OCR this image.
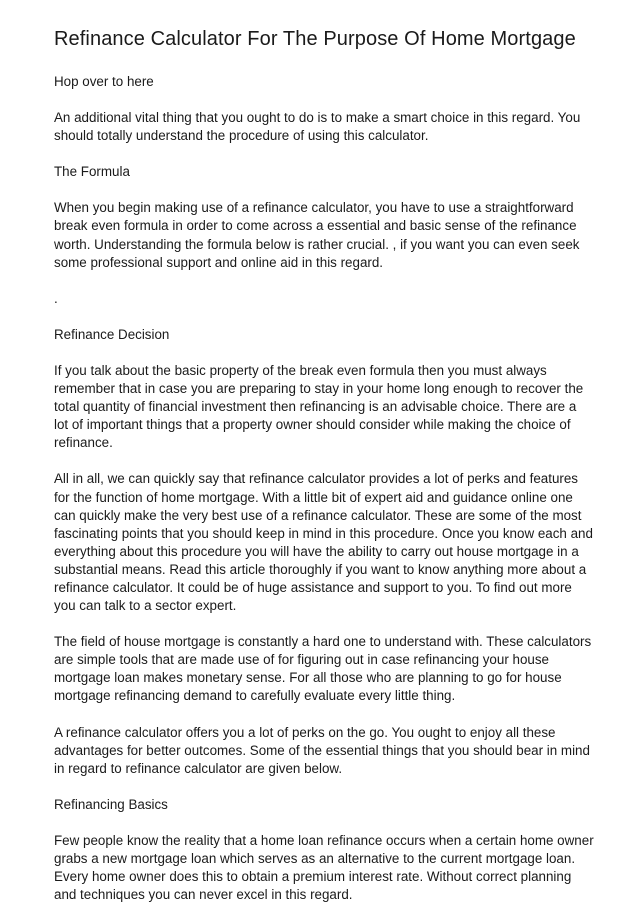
Refinance Calculator For The Purpose Of Home Mortgage

Hop over to here

An additional vital thing that you ought to do is to make a smart choice in this regard. You should totally understand the procedure of using this calculator.

The Formula

When you begin making use of a refinance calculator, you have to use a straightforward break even formula in order to come across a essential and basic sense of the refinance worth. Understanding the formula below is rather crucial. , if you want you can even seek some professional support and online aid in this regard.

.

Refinance Decision

If you talk about the basic property of the break even formula then you must always remember that in case you are preparing to stay in your home long enough to recover the total quantity of financial investment then refinancing is an advisable choice. There are a lot of important things that a property owner should consider while making the choice of refinance.

All in all, we can quickly say that refinance calculator provides a lot of perks and features for the function of home mortgage. With a little bit of expert aid and guidance online one can quickly make the very best use of a refinance calculator. These are some of the most fascinating points that you should keep in mind in this procedure. Once you know each and everything about this procedure you will have the ability to carry out house mortgage in a substantial means. Read this article thoroughly if you want to know anything more about a refinance calculator. It could be of huge assistance and support to you. To find out more you can talk to a sector expert.

The field of house mortgage is constantly a hard one to understand with. These calculators are simple tools that are made use of for figuring out in case refinancing your house mortgage loan makes monetary sense. For all those who are planning to go for house mortgage refinancing demand to carefully evaluate every little thing.

A refinance calculator offers you a lot of perks on the go. You ought to enjoy all these advantages for better outcomes. Some of the essential things that you should bear in mind in regard to refinance calculator are given below.

Refinancing Basics

Few people know the reality that a home loan refinance occurs when a certain home owner grabs a new mortgage loan which serves as an alternative to the current mortgage loan. Every home owner does this to obtain a premium interest rate. Without correct planning and techniques you can never excel in this regard.
